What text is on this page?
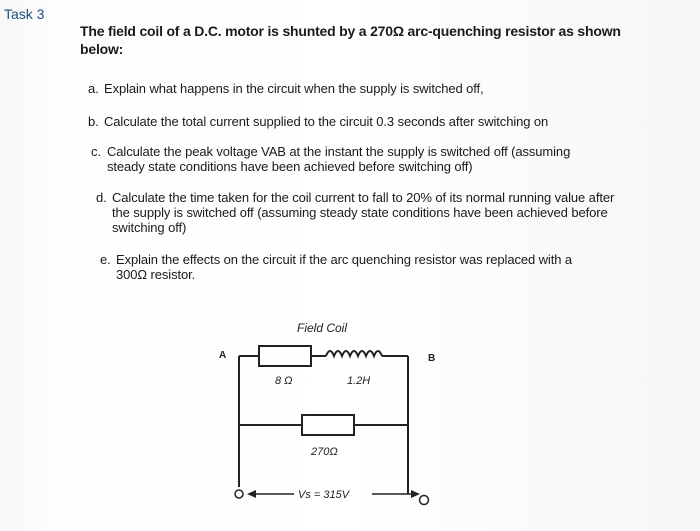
Task 3
The field coil of a D.C. motor is shunted by a 270Ω arc-quenching resistor as shown below:
a. Explain what happens in the circuit when the supply is switched off,
b. Calculate the total current supplied to the circuit 0.3 seconds after switching on
c. Calculate the peak voltage VAB at the instant the supply is switched off (assuming steady state conditions have been achieved before switching off)
d. Calculate the time taken for the coil current to fall to 20% of its normal running value after the supply is switched off (assuming steady state conditions have been achieved before switching off)
e. Explain the effects on the circuit if the arc quenching resistor was replaced with a 300Ω resistor.
Field Coil
A	B
8 Ω	1.2H
270Ω
Vs = 315V
